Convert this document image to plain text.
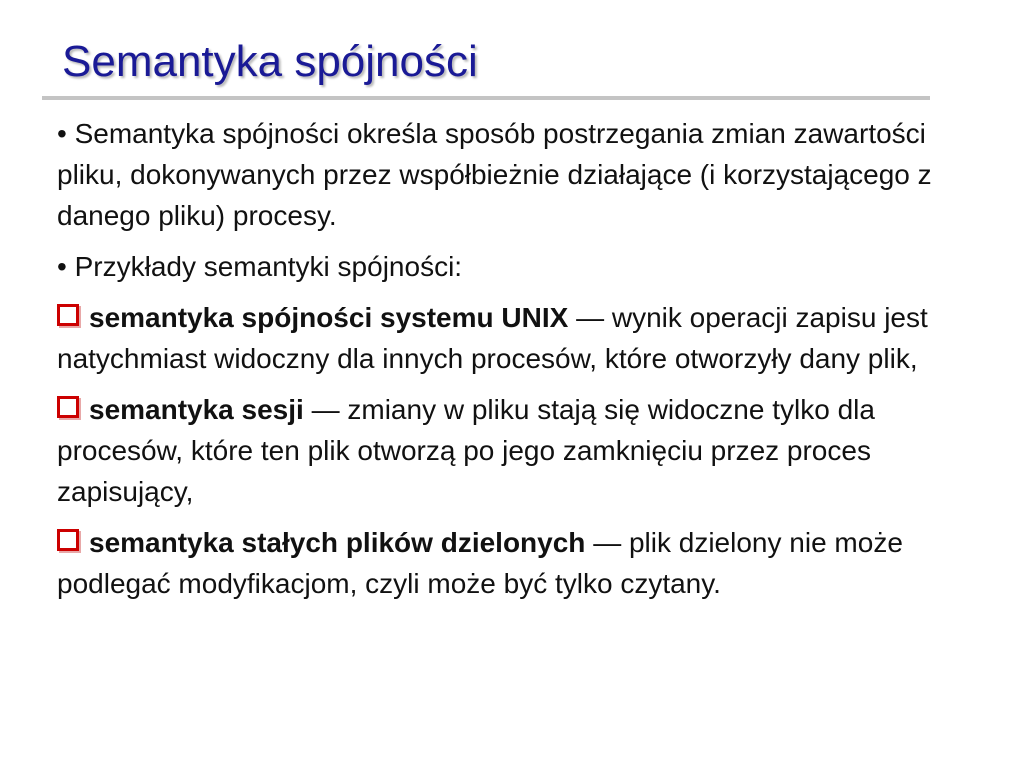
Semantyka spójności
• Semantyka spójności określa sposób postrzegania zmian zawartości pliku, dokonywanych przez współbieżnie działające (i korzystającego z danego pliku) procesy.
• Przykłady semantyki spójności:
semantyka spójności systemu UNIX — wynik operacji zapisu jest natychmiast widoczny dla innych procesów, które otworzyły dany plik,
semantyka sesji — zmiany w pliku stają się widoczne tylko dla procesów, które ten plik otworzą po jego zamknięciu przez proces zapisujący,
semantyka stałych plików dzielonych — plik dzielony nie może podlegać modyfikacjom, czyli może być tylko czytany.
